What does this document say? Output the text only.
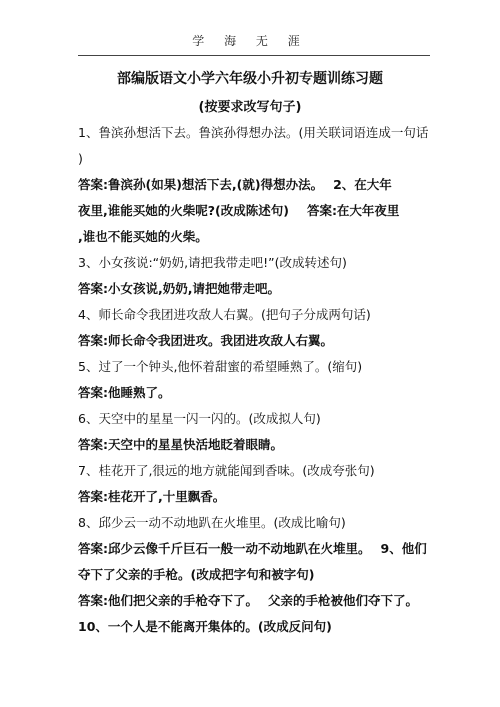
学 海 无 涯
部编版语文小学六年级小升初专题训练习题
(按要求改写句子)
1、鲁滨孙想活下去。鲁滨孙得想办法。(用关联词语连成一句话
)
答案:鲁滨孙(如果)想活下去,(就)得想办法。 2、在大年
夜里,谁能买她的火柴呢?(改成陈述句) 答案:在大年夜里
,谁也不能买她的火柴。
3、小女孩说:“奶奶,请把我带走吧!”(改成转述句)
答案:小女孩说,奶奶,请把她带走吧。
4、师长命令我团进攻敌人右翼。(把句子分成两句话)
答案:师长命令我团进攻。我团进攻敌人右翼。
5、过了一个钟头,他怀着甜蜜的希望睡熟了。(缩句)
答案:他睡熟了。
6、天空中的星星一闪一闪的。(改成拟人句)
答案:天空中的星星快活地眨着眼睛。
7、桂花开了,很远的地方就能闻到香味。(改成夸张句)
答案:桂花开了,十里飘香。
8、邱少云一动不动地趴在火堆里。(改成比喻句)
答案:邱少云像千斤巨石一般一动不动地趴在火堆里。 9、他们
夺下了父亲的手枪。(改成把字句和被字句)
答案:他们把父亲的手枪夺下了。 父亲的手枪被他们夺下了。
10、一个人是不能离开集体的。(改成反问句)
